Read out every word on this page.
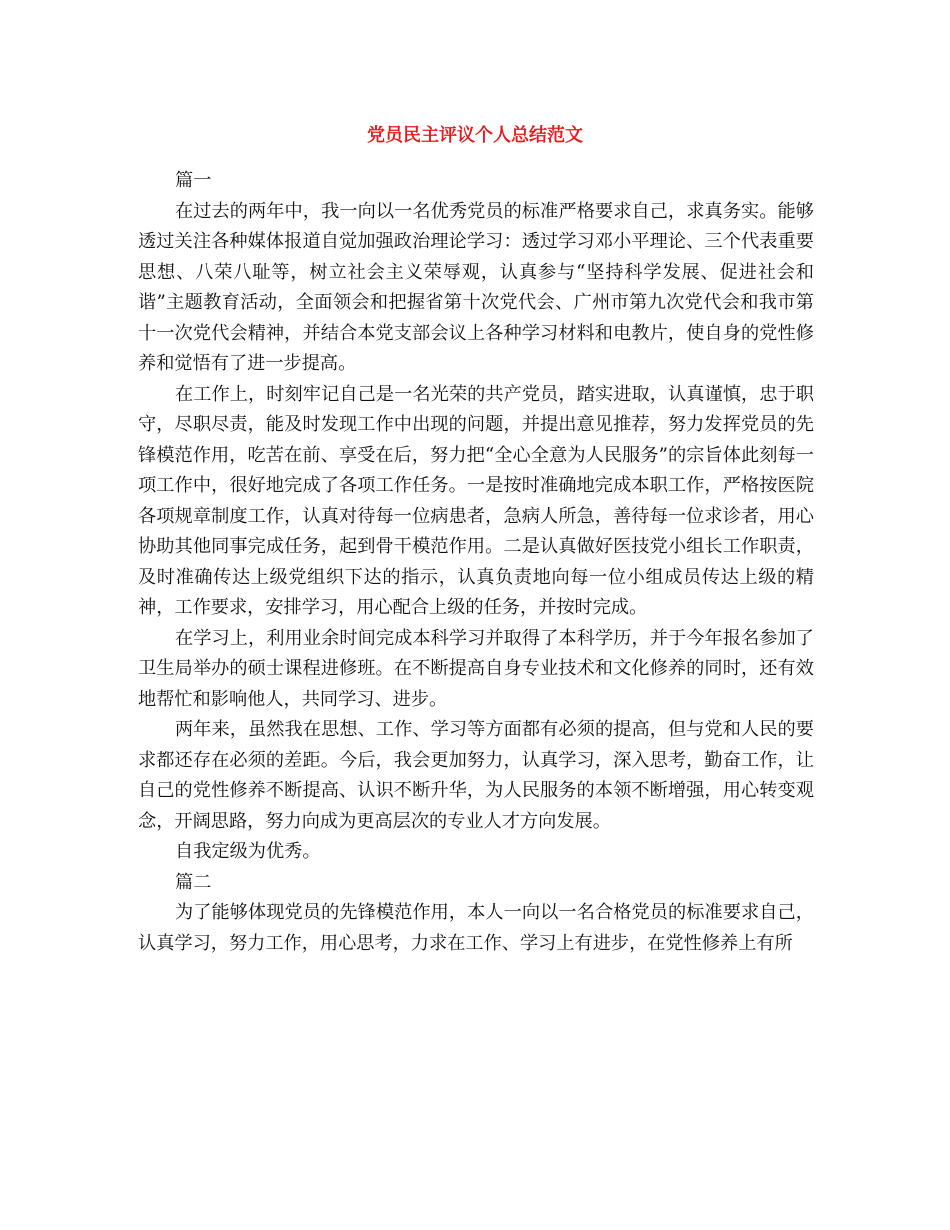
党员民主评议个人总结范文

篇一

在过去的两年中，我一向以一名优秀党员的标准严格要求自己，求真务实。能够透过关注各种媒体报道自觉加强政治理论学习：透过学习邓小平理论、三个代表重要思想、八荣八耻等，树立社会主义荣辱观，认真参与“坚持科学发展、促进社会和谐”主题教育活动，全面领会和把握省第十次党代会、广州市第九次党代会和我市第十一次党代会精神，并结合本党支部会议上各种学习材料和电教片，使自身的党性修养和觉悟有了进一步提高。

在工作上，时刻牢记自己是一名光荣的共产党员，踏实进取，认真谨慎，忠于职守，尽职尽责，能及时发现工作中出现的问题，并提出意见推荐，努力发挥党员的先锋模范作用，吃苦在前、享受在后，努力把“全心全意为人民服务”的宗旨体此刻每一项工作中，很好地完成了各项工作任务。一是按时准确地完成本职工作，严格按医院各项规章制度工作，认真对待每一位病患者，急病人所急，善待每一位求诊者，用心协助其他同事完成任务，起到骨干模范作用。二是认真做好医技党小组长工作职责，及时准确传达上级党组织下达的指示，认真负责地向每一位小组成员传达上级的精神，工作要求，安排学习，用心配合上级的任务，并按时完成。

在学习上，利用业余时间完成本科学习并取得了本科学历，并于今年报名参加了卫生局举办的硕士课程进修班。在不断提高自身专业技术和文化修养的同时，还有效地帮忙和影响他人，共同学习、进步。

两年来，虽然我在思想、工作、学习等方面都有必须的提高，但与党和人民的要求都还存在必须的差距。今后，我会更加努力，认真学习，深入思考，勤奋工作，让自己的党性修养不断提高、认识不断升华，为人民服务的本领不断增强，用心转变观念，开阔思路，努力向成为更高层次的专业人才方向发展。

自我定级为优秀。

篇二

为了能够体现党员的先锋模范作用，本人一向以一名合格党员的标准要求自己，认真学习，努力工作，用心思考，力求在工作、学习上有进步，在党性修养上有所
